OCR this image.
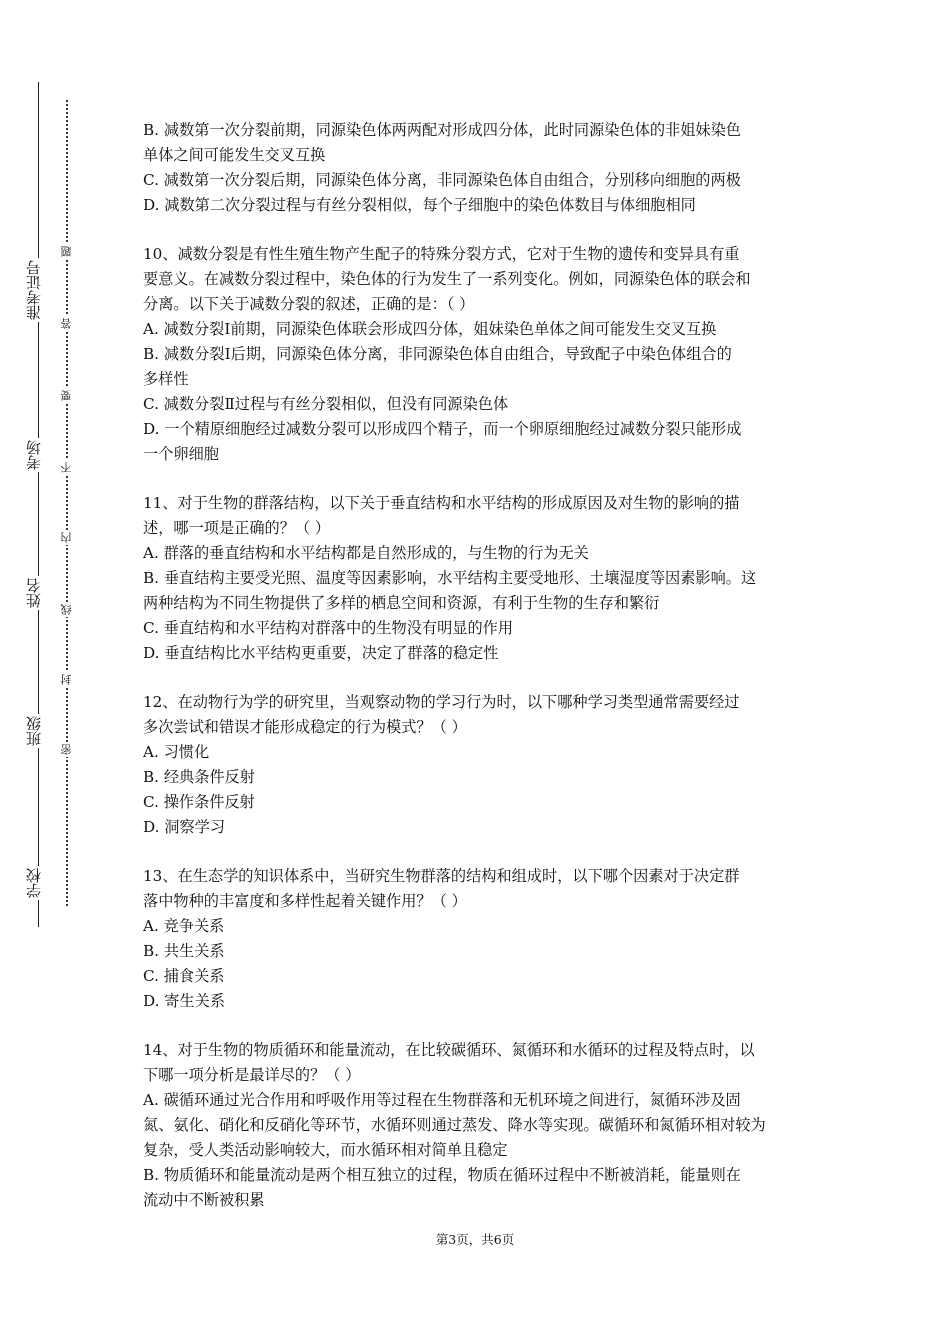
学校
班级
姓名
考场
准考证号
密
封
线
内
不
要
答
题

B. 减数第一次分裂前期，同源染色体两两配对形成四分体，此时同源染色体的非姐妹染色

单体之间可能发生交叉互换

C. 减数第一次分裂后期，同源染色体分离，非同源染色体自由组合，分别移向细胞的两极

D. 减数第二次分裂过程与有丝分裂相似，每个子细胞中的染色体数目与体细胞相同

10、减数分裂是有性生殖生物产生配子的特殊分裂方式，它对于生物的遗传和变异具有重

要意义。在减数分裂过程中，染色体的行为发生了一系列变化。例如，同源染色体的联会和

分离。以下关于减数分裂的叙述，正确的是：（ ）

A. 减数分裂Ⅰ前期，同源染色体联会形成四分体，姐妹染色单体之间可能发生交叉互换

B. 减数分裂Ⅰ后期，同源染色体分离，非同源染色体自由组合，导致配子中染色体组合的

多样性

C. 减数分裂Ⅱ过程与有丝分裂相似，但没有同源染色体

D. 一个精原细胞经过减数分裂可以形成四个精子，而一个卵原细胞经过减数分裂只能形成

一个卵细胞

11、对于生物的群落结构，以下关于垂直结构和水平结构的形成原因及对生物的影响的描

述，哪一项是正确的？（ ）

A. 群落的垂直结构和水平结构都是自然形成的，与生物的行为无关

B. 垂直结构主要受光照、温度等因素影响，水平结构主要受地形、土壤湿度等因素影响。这

两种结构为不同生物提供了多样的栖息空间和资源，有利于生物的生存和繁衍

C. 垂直结构和水平结构对群落中的生物没有明显的作用

D. 垂直结构比水平结构更重要，决定了群落的稳定性

12、在动物行为学的研究里，当观察动物的学习行为时，以下哪种学习类型通常需要经过

多次尝试和错误才能形成稳定的行为模式？（ ）

A. 习惯化

B. 经典条件反射

C. 操作条件反射

D. 洞察学习

13、在生态学的知识体系中，当研究生物群落的结构和组成时，以下哪个因素对于决定群

落中物种的丰富度和多样性起着关键作用？（ ）

A. 竞争关系

B. 共生关系

C. 捕食关系

D. 寄生关系

14、对于生物的物质循环和能量流动，在比较碳循环、氮循环和水循环的过程及特点时，以

下哪一项分析是最详尽的？（ ）

A. 碳循环通过光合作用和呼吸作用等过程在生物群落和无机环境之间进行，氮循环涉及固

氮、氨化、硝化和反硝化等环节，水循环则通过蒸发、降水等实现。碳循环和氮循环相对较为

复杂，受人类活动影响较大，而水循环相对简单且稳定

B. 物质循环和能量流动是两个相互独立的过程，物质在循环过程中不断被消耗，能量则在

流动中不断被积累

第3页，共6页
